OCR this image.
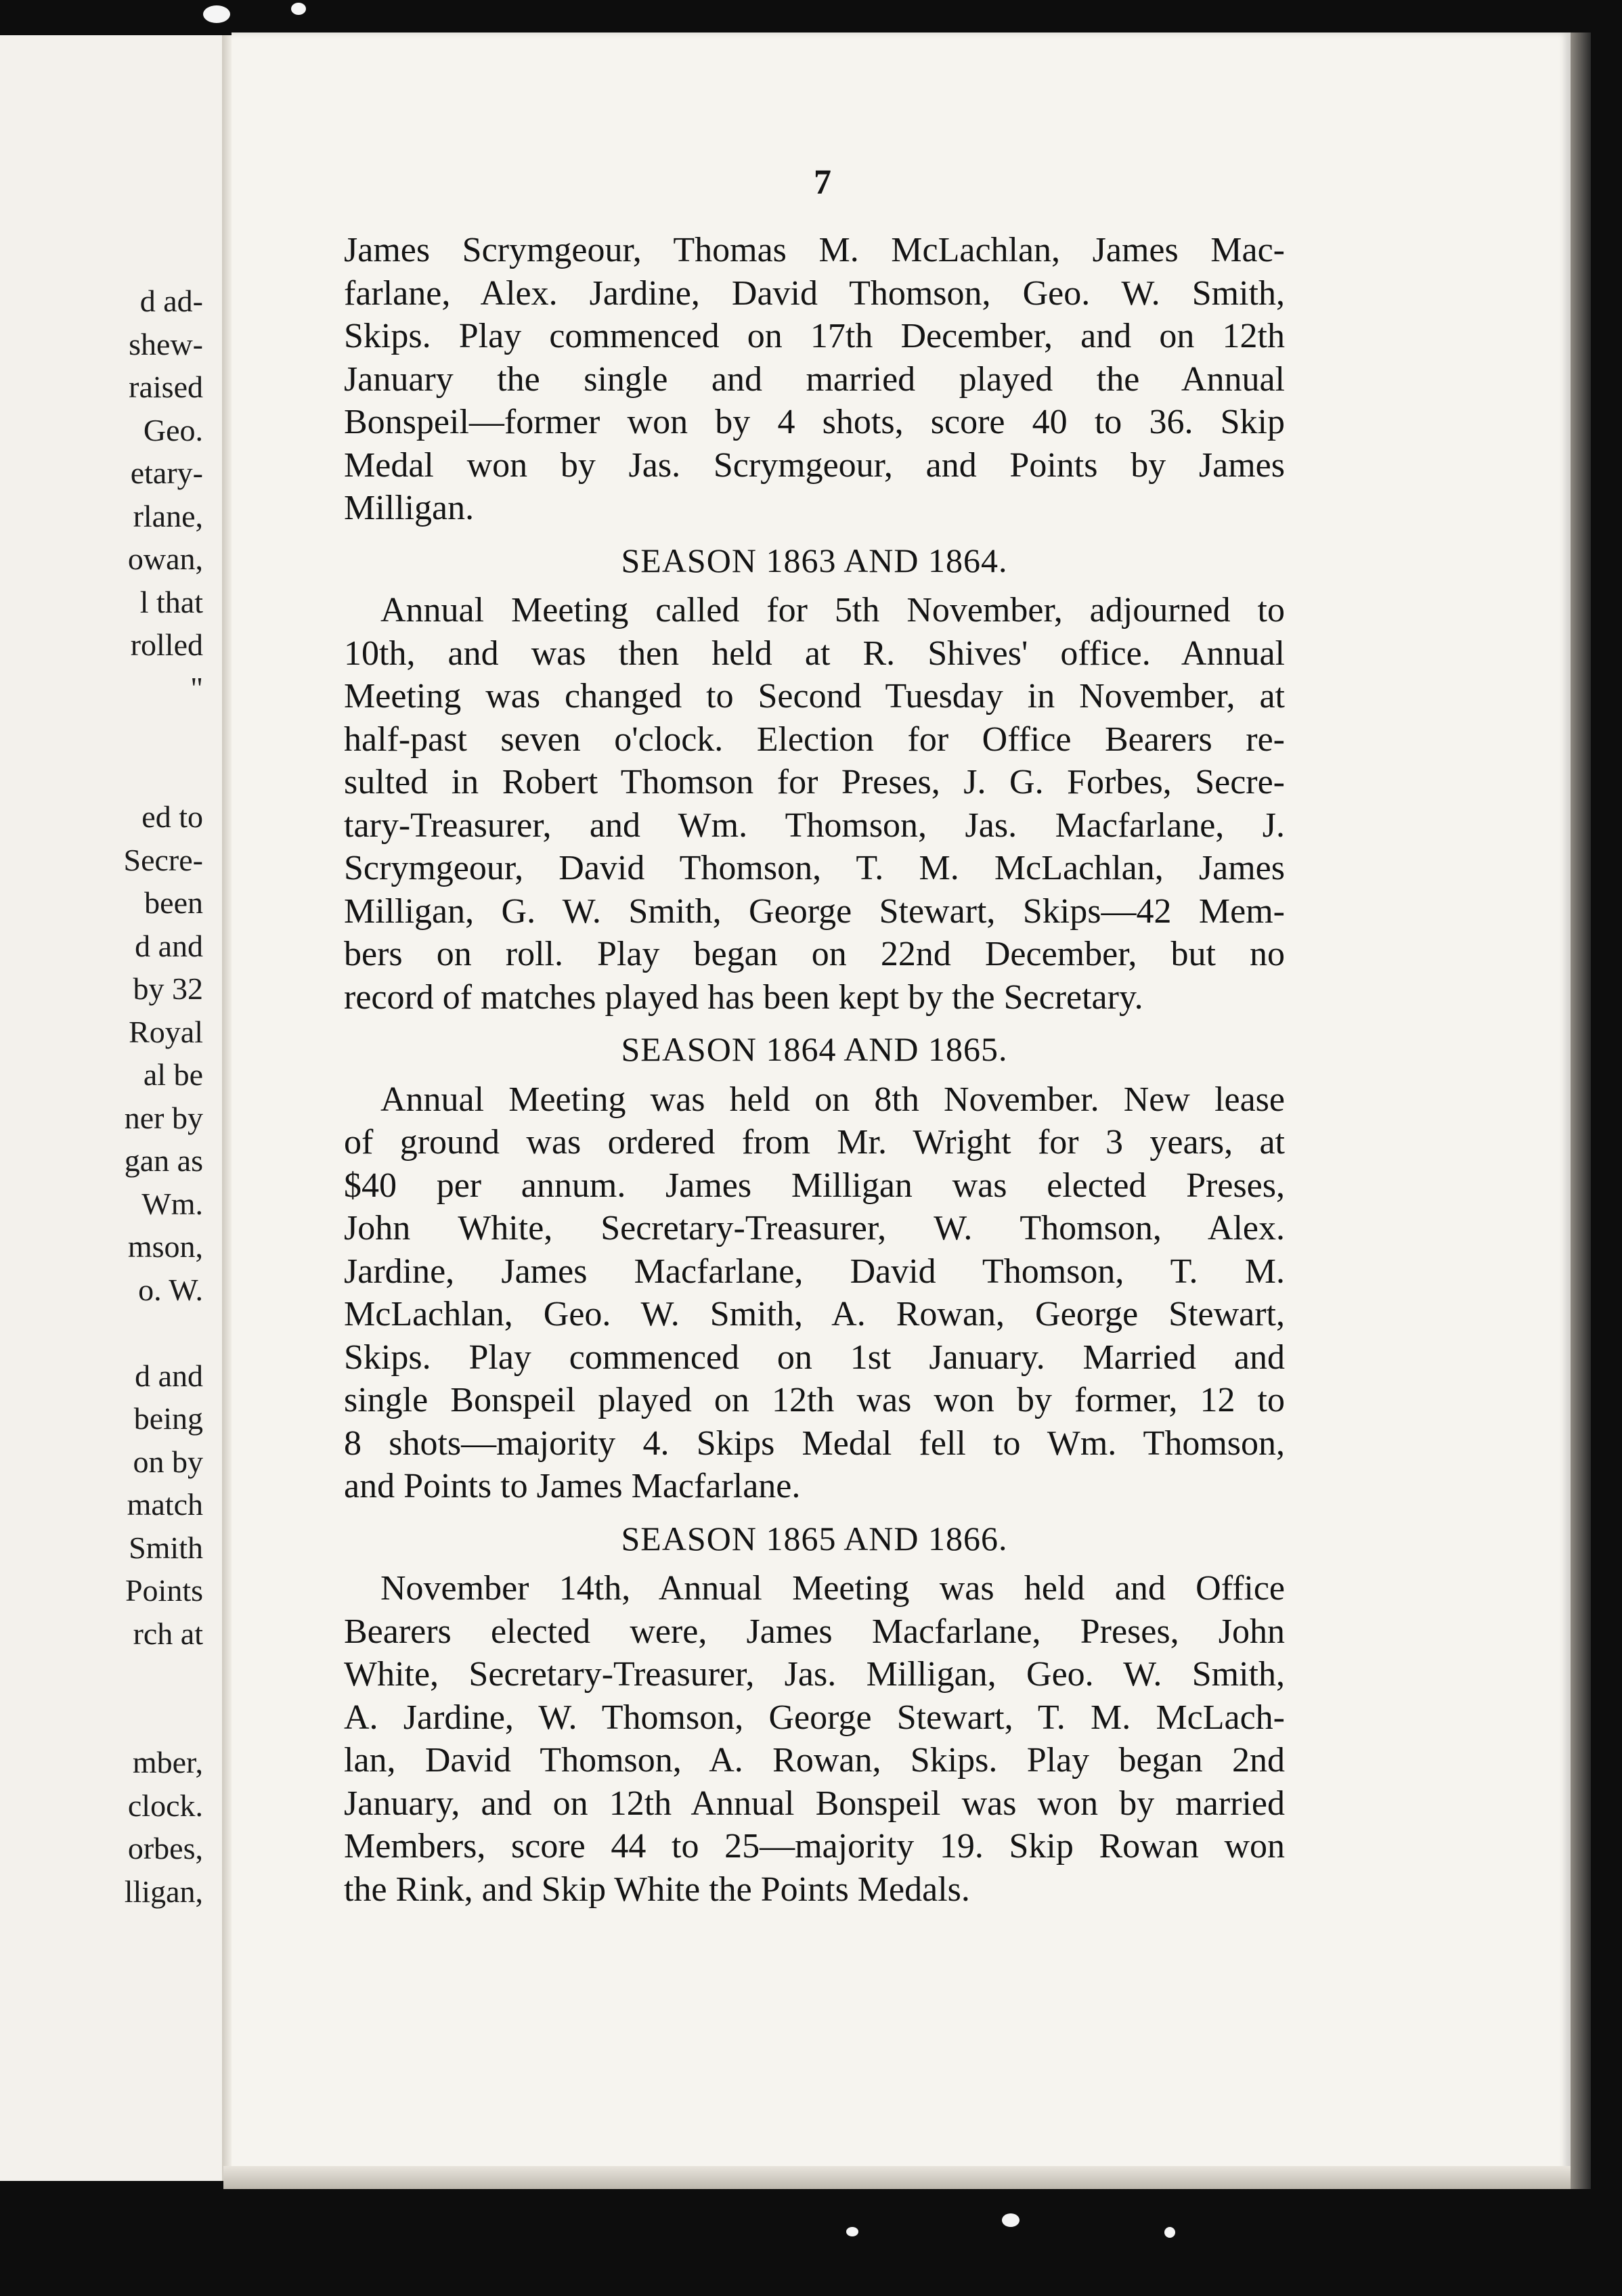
d ad-
shew-
raised
Geo.
etary-
rlane,
owan,
l that
rolled
"
ed to
Secre-
been
d and
by 32
Royal
al be
ner by
gan as
Wm.
mson,
o. W.
d and
being
on by
match
Smith
Points
rch at
mber,
clock.
orbes,
lligan,
7
James Scrymgeour, Thomas M. McLachlan, James Mac-
farlane, Alex. Jardine, David Thomson, Geo. W. Smith,
Skips. Play commenced on 17th December, and on 12th
January the single and married played the Annual
Bonspeil—former won by 4 shots, score 40 to 36. Skip
Medal won by Jas. Scrymgeour, and Points by James
Milligan.
SEASON 1863 AND 1864.
Annual Meeting called for 5th November, adjourned to
10th, and was then held at R. Shives' office. Annual
Meeting was changed to Second Tuesday in November, at
half-past seven o'clock. Election for Office Bearers re-
sulted in Robert Thomson for Preses, J. G. Forbes, Secre-
tary-Treasurer, and Wm. Thomson, Jas. Macfarlane, J.
Scrymgeour, David Thomson, T. M. McLachlan, James
Milligan, G. W. Smith, George Stewart, Skips—42 Mem-
bers on roll. Play began on 22nd December, but no
record of matches played has been kept by the Secretary.
SEASON 1864 AND 1865.
Annual Meeting was held on 8th November. New lease
of ground was ordered from Mr. Wright for 3 years, at
$40 per annum. James Milligan was elected Preses,
John White, Secretary-Treasurer, W. Thomson, Alex.
Jardine, James Macfarlane, David Thomson, T. M.
McLachlan, Geo. W. Smith, A. Rowan, George Stewart,
Skips. Play commenced on 1st January. Married and
single Bonspeil played on 12th was won by former, 12 to
8 shots—majority 4. Skips Medal fell to Wm. Thomson,
and Points to James Macfarlane.
SEASON 1865 AND 1866.
November 14th, Annual Meeting was held and Office
Bearers elected were, James Macfarlane, Preses, John
White, Secretary-Treasurer, Jas. Milligan, Geo. W. Smith,
A. Jardine, W. Thomson, George Stewart, T. M. McLach-
lan, David Thomson, A. Rowan, Skips. Play began 2nd
January, and on 12th Annual Bonspeil was won by married
Members, score 44 to 25—majority 19. Skip Rowan won
the Rink, and Skip White the Points Medals.
